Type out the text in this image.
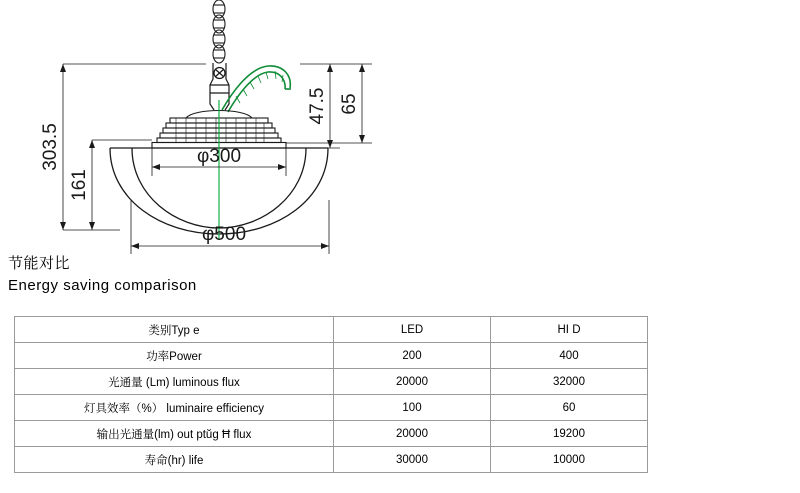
303.5
161
47.5 65
φ300
φ500
节能对比
Energy saving comparison
类别Typ e	LED	HI D
功率Power	200	400
光通量 (Lm) luminous flux	20000	32000
灯具效率（%） luminaire efficiency	100	60
输出光通量(lm) out ptŭg Ħ flux	20000	19200
寿命(hr) life	30000	10000
